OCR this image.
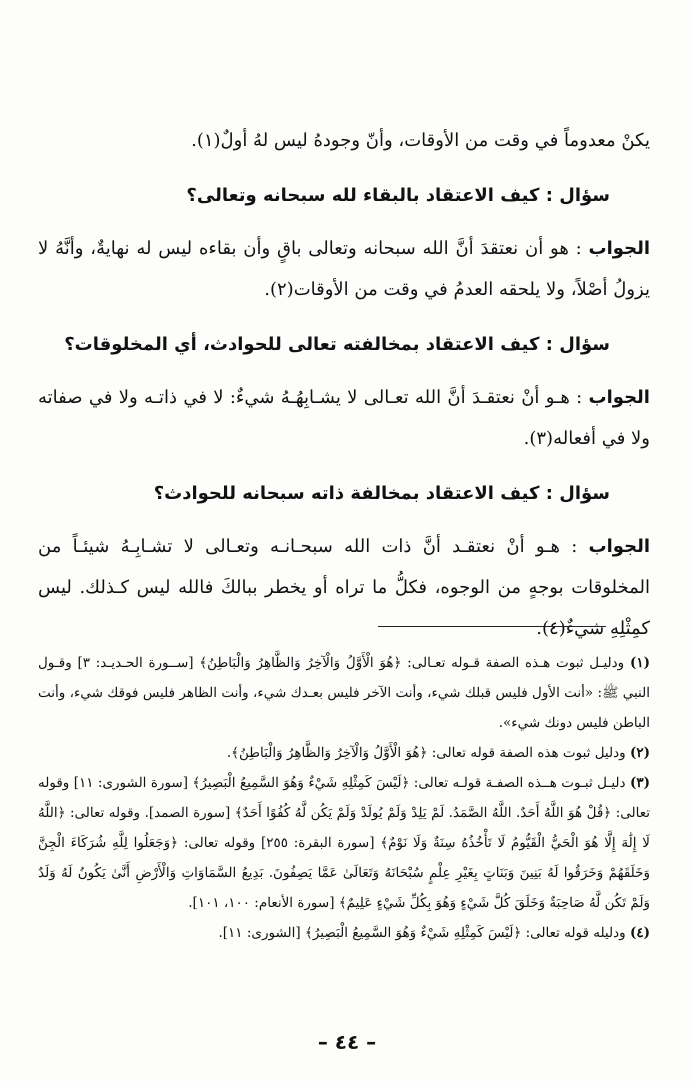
يكنْ معدوماً في وقت من الأوقات، وأنّ وجودهُ ليس لهُ أولٌ(١).

سؤال : كيف الاعتقاد بالبقاء لله سبحانه وتعالى؟

الجواب : هو أن نعتقدَ أنَّ الله سبحانه وتعالى باقٍ وأن بقاءه ليس له نهايةٌ، وأنَّهُ لا يزولُ أصْلاً، ولا يلحقه العدمُ في وقت من الأوقات(٢).

سؤال : كيف الاعتقاد بمخالفته تعالى للحوادث، أي المخلوقات؟

الجواب : هـو أنْ نعتقـدَ أنَّ الله تعـالى لا يشـابِهُـهُ شيءٌ: لا في ذاتـه ولا في صفاته ولا في أفعاله(٣).

سؤال : كيف الاعتقاد بمخالفة ذاته سبحانه للحوادث؟

الجواب : هـو أنْ نعتقـد أنَّ ذات الله سبحـانـه وتعـالى لا تشـابِـهُ شيئـاً من المخلوقات بوجهٍ من الوجوه، فكلُّ ما تراه أو يخطر ببالكَ فالله ليس كـذلك. ليس كمِثْلِهِ شيءٌ(٤).

(١) ودليـل ثبوت هـذه الصفة قـوله تعـالى: ﴿هُوَ الْأَوَّلُ وَالْآخِرُ وَالظَّاهِرُ وَالْبَاطِنُ﴾ [ســورة الحـديـد: ٣] وقـول النبي ﷺ: «أنت الأول فليس قبلك شيء، وأنت الآخر فليس بعـدك شيء، وأنت الظاهر فليس فوقك شيء، وأنت الباطن فليس دونك شيء».

(٢) ودليل ثبوت هذه الصفة قوله تعالى: ﴿هُوَ الْأَوَّلُ وَالْآخِرُ وَالظَّاهِرُ وَالْبَاطِنُ﴾.

(٣) دليـل ثبـوت هــذه الصفـة قولـه تعالى: ﴿لَيْسَ كَمِثْلِهِ شَيْءٌ وَهُوَ السَّمِيعُ الْبَصِيرُ﴾ [سورة الشورى: ١١] وقوله تعالى: ﴿قُلْ هُوَ اللَّهُ أَحَدٌ. اللَّهُ الصَّمَدُ. لَمْ يَلِدْ وَلَمْ يُولَدْ وَلَمْ يَكُن لَّهُ كُفُوًا أَحَدٌ﴾ [سورة الصمد]. وقوله تعالى: ﴿اللَّهُ لَا إِلَٰهَ إِلَّا هُوَ الْحَيُّ الْقَيُّومُ لَا تَأْخُذُهُ سِنَةٌ وَلَا نَوْمٌ﴾ [سورة البقرة: ٢٥٥] وقوله تعالى: ﴿وَجَعَلُوا لِلَّهِ شُرَكَاءَ الْجِنَّ وَخَلَقَهُمْ وَخَرَقُوا لَهُ بَنِينَ وَبَنَاتٍ بِغَيْرِ عِلْمٍ سُبْحَانَهُ وَتَعَالَىٰ عَمَّا يَصِفُونَ. بَدِيعُ السَّمَاوَاتِ وَالْأَرْضِ أَنَّىٰ يَكُونُ لَهُ وَلَدٌ وَلَمْ تَكُن لَّهُ صَاحِبَةٌ وَخَلَقَ كُلَّ شَيْءٍ وَهُوَ بِكُلِّ شَيْءٍ عَلِيمٌ﴾ [سورة الأنعام: ١٠٠، ١٠١].

(٤) ودليله قوله تعالى: ﴿لَيْسَ كَمِثْلِهِ شَيْءٌ وَهُوَ السَّمِيعُ الْبَصِيرُ﴾ [الشورى: ١١].

– ٤٤ –
